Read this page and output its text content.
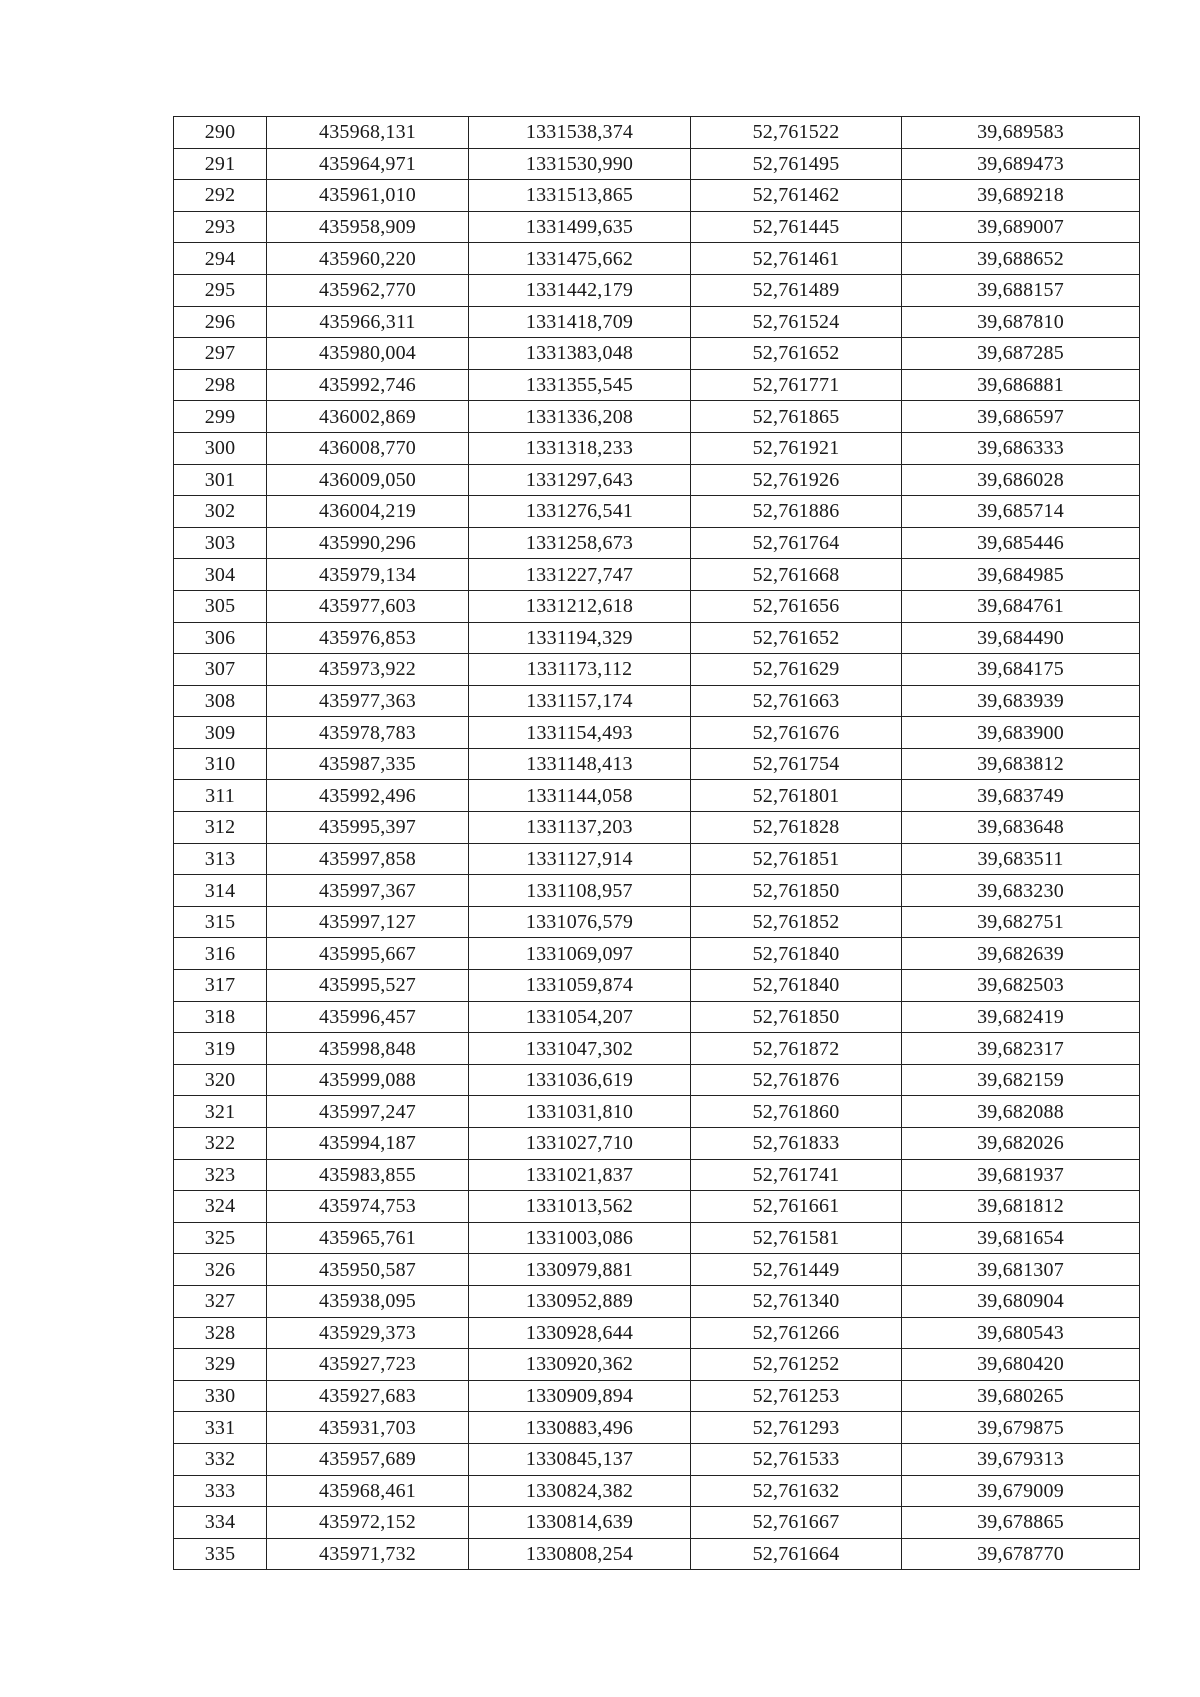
290	435968,131	1331538,374	52,761522	39,689583
291	435964,971	1331530,990	52,761495	39,689473
292	435961,010	1331513,865	52,761462	39,689218
293	435958,909	1331499,635	52,761445	39,689007
294	435960,220	1331475,662	52,761461	39,688652
295	435962,770	1331442,179	52,761489	39,688157
296	435966,311	1331418,709	52,761524	39,687810
297	435980,004	1331383,048	52,761652	39,687285
298	435992,746	1331355,545	52,761771	39,686881
299	436002,869	1331336,208	52,761865	39,686597
300	436008,770	1331318,233	52,761921	39,686333
301	436009,050	1331297,643	52,761926	39,686028
302	436004,219	1331276,541	52,761886	39,685714
303	435990,296	1331258,673	52,761764	39,685446
304	435979,134	1331227,747	52,761668	39,684985
305	435977,603	1331212,618	52,761656	39,684761
306	435976,853	1331194,329	52,761652	39,684490
307	435973,922	1331173,112	52,761629	39,684175
308	435977,363	1331157,174	52,761663	39,683939
309	435978,783	1331154,493	52,761676	39,683900
310	435987,335	1331148,413	52,761754	39,683812
311	435992,496	1331144,058	52,761801	39,683749
312	435995,397	1331137,203	52,761828	39,683648
313	435997,858	1331127,914	52,761851	39,683511
314	435997,367	1331108,957	52,761850	39,683230
315	435997,127	1331076,579	52,761852	39,682751
316	435995,667	1331069,097	52,761840	39,682639
317	435995,527	1331059,874	52,761840	39,682503
318	435996,457	1331054,207	52,761850	39,682419
319	435998,848	1331047,302	52,761872	39,682317
320	435999,088	1331036,619	52,761876	39,682159
321	435997,247	1331031,810	52,761860	39,682088
322	435994,187	1331027,710	52,761833	39,682026
323	435983,855	1331021,837	52,761741	39,681937
324	435974,753	1331013,562	52,761661	39,681812
325	435965,761	1331003,086	52,761581	39,681654
326	435950,587	1330979,881	52,761449	39,681307
327	435938,095	1330952,889	52,761340	39,680904
328	435929,373	1330928,644	52,761266	39,680543
329	435927,723	1330920,362	52,761252	39,680420
330	435927,683	1330909,894	52,761253	39,680265
331	435931,703	1330883,496	52,761293	39,679875
332	435957,689	1330845,137	52,761533	39,679313
333	435968,461	1330824,382	52,761632	39,679009
334	435972,152	1330814,639	52,761667	39,678865
335	435971,732	1330808,254	52,761664	39,678770
